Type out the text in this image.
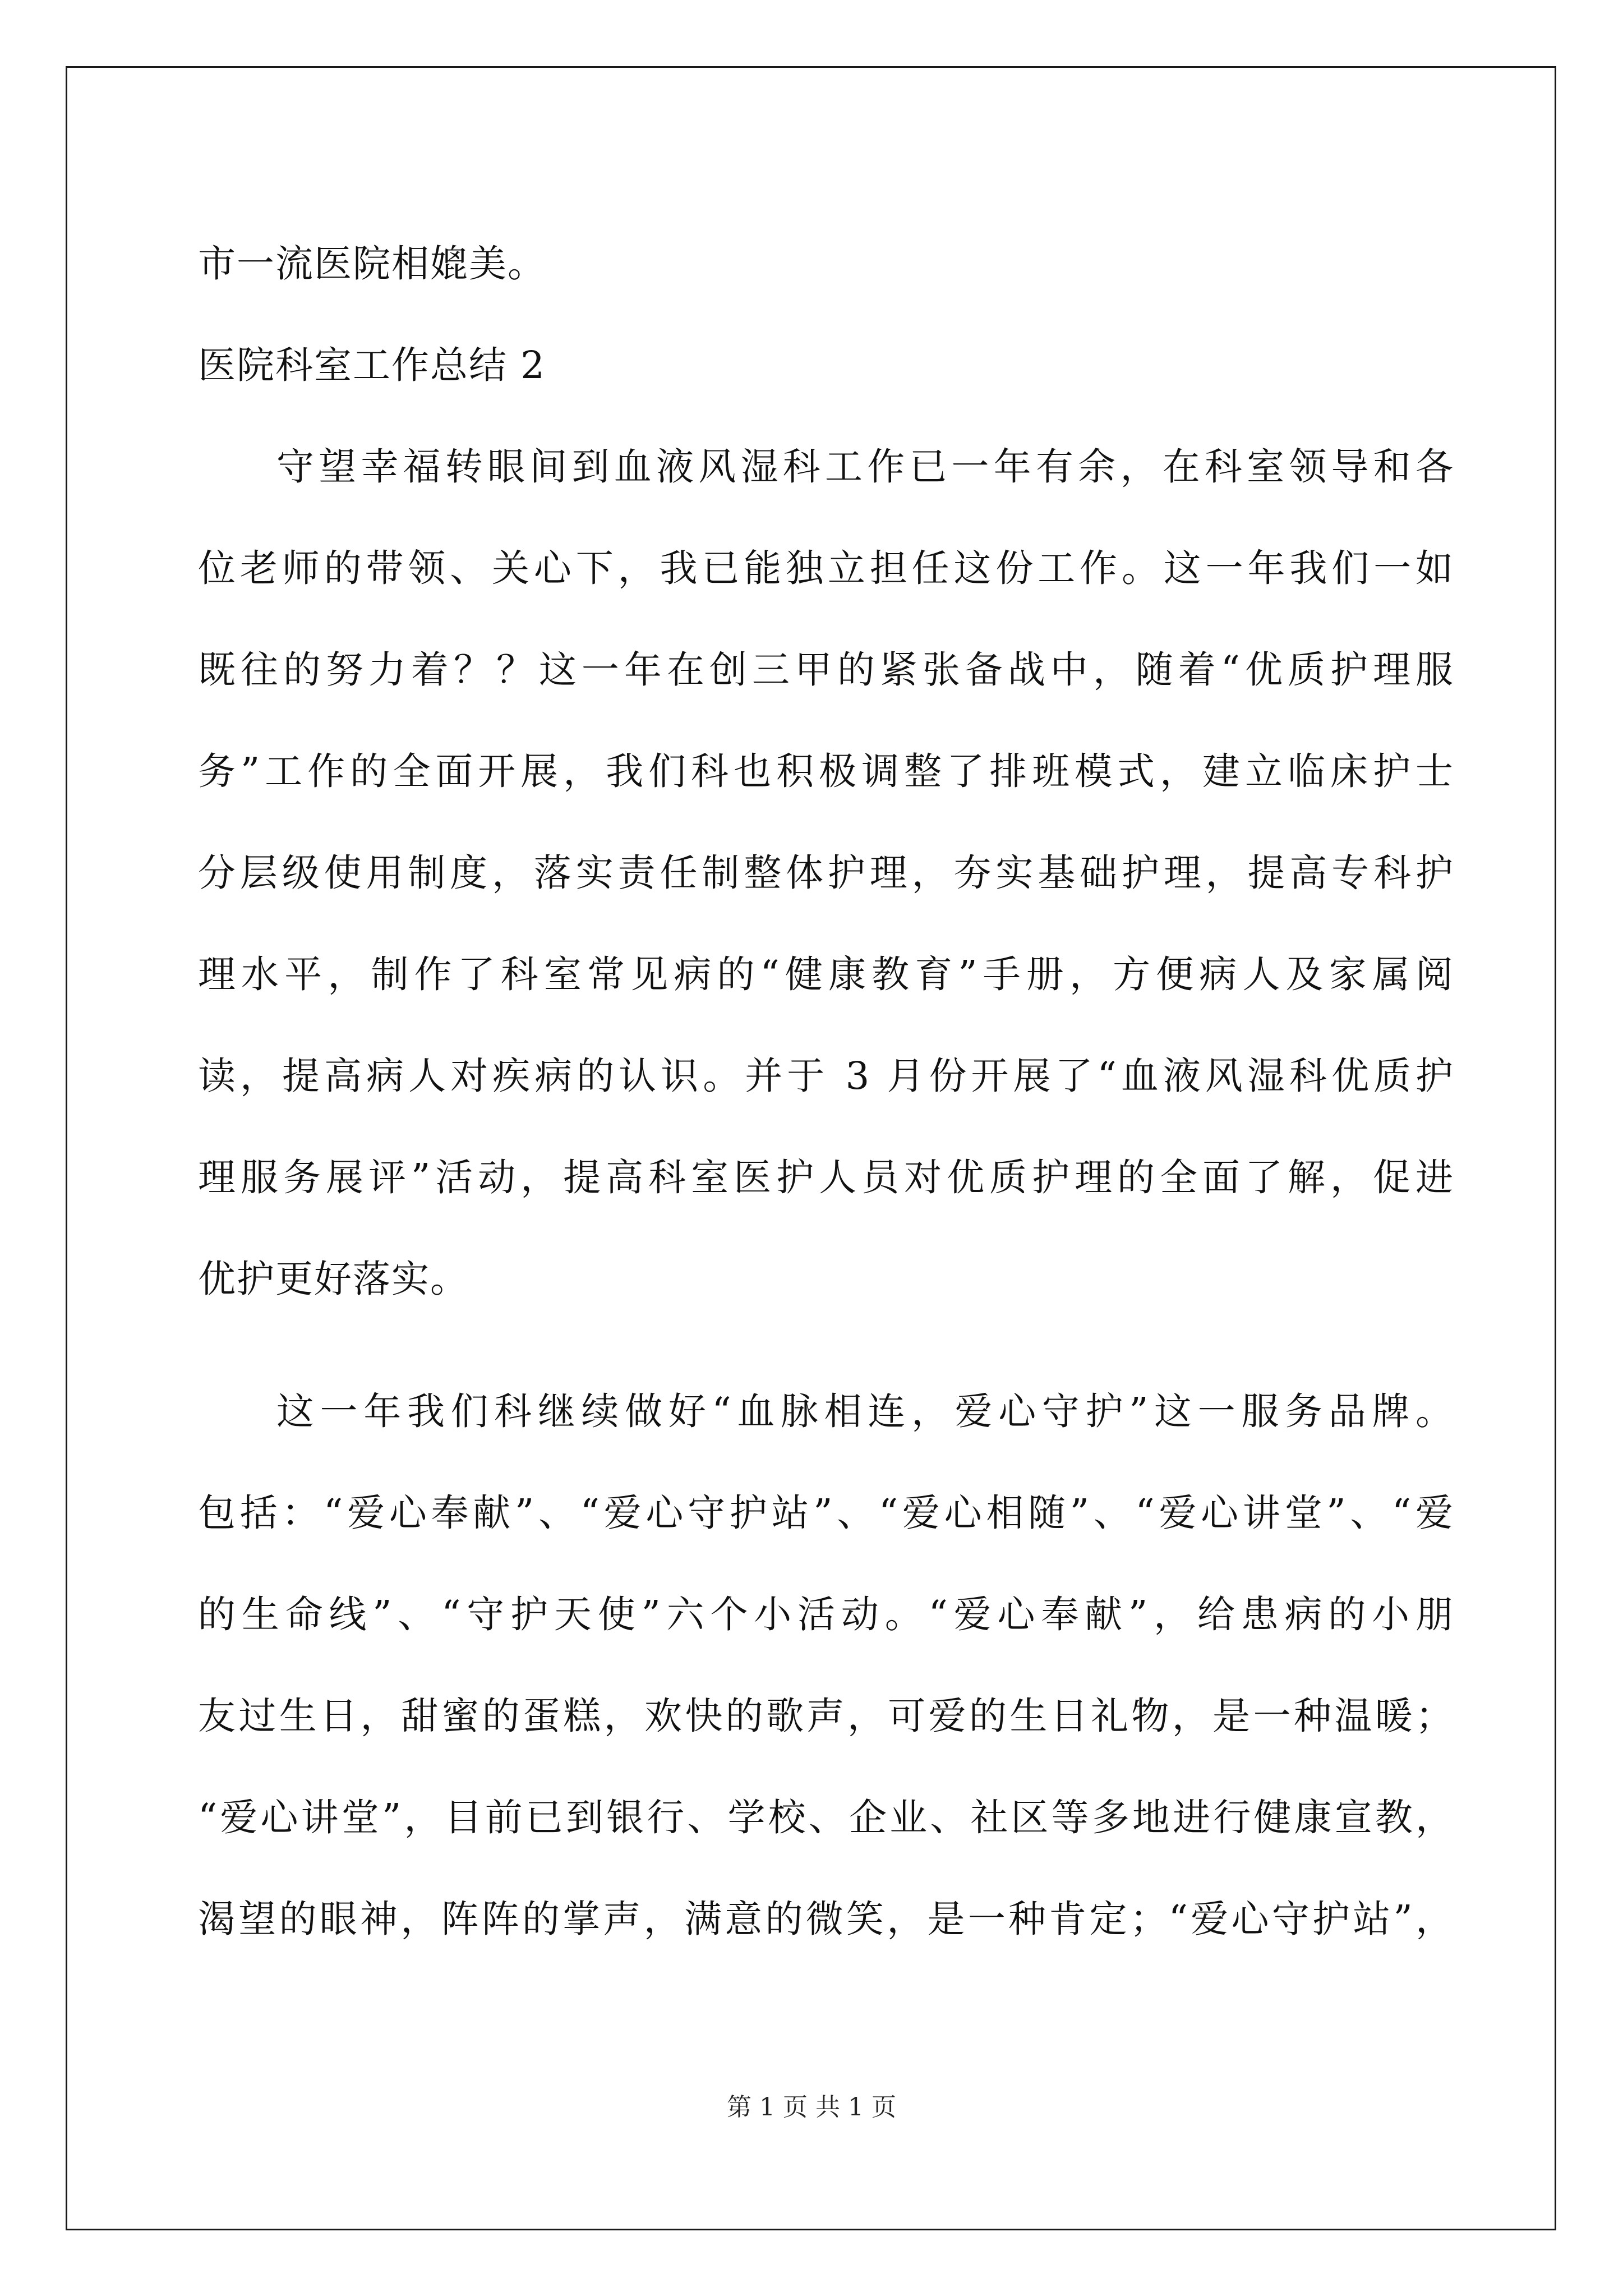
市一流医院相媲美。
医院科室工作总结 2
守望幸福转眼间到血液风湿科工作已一年有余，在科室领导和各
位老师的带领、关心下，我已能独立担任这份工作。这一年我们一如
既往的努力着？？这一年在创三甲的紧张备战中，随着“优质护理服
务”工作的全面开展，我们科也积极调整了排班模式，建立临床护士
分层级使用制度，落实责任制整体护理，夯实基础护理，提高专科护
理水平，制作了科室常见病的“健康教育”手册，方便病人及家属阅
读，提高病人对疾病的认识。并于 3 月份开展了“血液风湿科优质护
理服务展评”活动，提高科室医护人员对优质护理的全面了解，促进
优护更好落实。
这一年我们科继续做好“血脉相连，爱心守护”这一服务品牌。
包括：“爱心奉献”、“爱心守护站”、“爱心相随”、“爱心讲堂”、“爱
的生命线”、“守护天使”六个小活动。“爱心奉献”，给患病的小朋
友过生日，甜蜜的蛋糕，欢快的歌声，可爱的生日礼物，是一种温暖；
“爱心讲堂”，目前已到银行、学校、企业、社区等多地进行健康宣教，
渴望的眼神，阵阵的掌声，满意的微笑，是一种肯定；“爱心守护站”，
第 1 页 共 1 页
